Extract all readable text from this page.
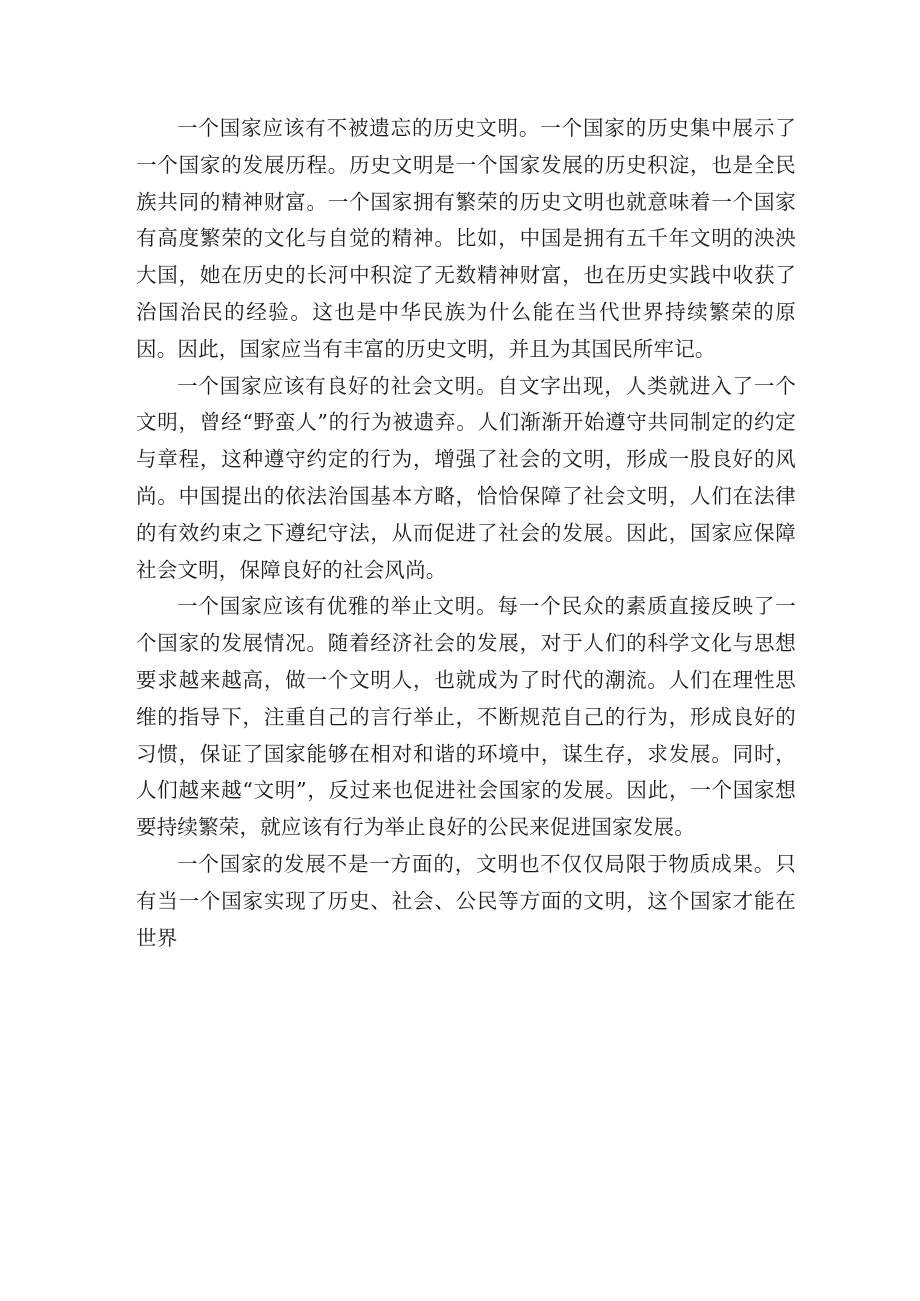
一个国家应该有不被遗忘的历史文明。一个国家的历史集中展示了一个国家的发展历程。历史文明是一个国家发展的历史积淀，也是全民族共同的精神财富。一个国家拥有繁荣的历史文明也就意味着一个国家有高度繁荣的文化与自觉的精神。比如，中国是拥有五千年文明的泱泱大国，她在历史的长河中积淀了无数精神财富，也在历史实践中收获了治国治民的经验。这也是中华民族为什么能在当代世界持续繁荣的原因。因此，国家应当有丰富的历史文明，并且为其国民所牢记。

一个国家应该有良好的社会文明。自文字出现，人类就进入了一个文明，曾经“野蛮人”的行为被遗弃。人们渐渐开始遵守共同制定的约定与章程，这种遵守约定的行为，增强了社会的文明，形成一股良好的风尚。中国提出的依法治国基本方略，恰恰保障了社会文明，人们在法律的有效约束之下遵纪守法，从而促进了社会的发展。因此，国家应保障社会文明，保障良好的社会风尚。

一个国家应该有优雅的举止文明。每一个民众的素质直接反映了一个国家的发展情况。随着经济社会的发展，对于人们的科学文化与思想要求越来越高，做一个文明人，也就成为了时代的潮流。人们在理性思维的指导下，注重自己的言行举止，不断规范自己的行为，形成良好的习惯，保证了国家能够在相对和谐的环境中，谋生存，求发展。同时，人们越来越“文明”，反过来也促进社会国家的发展。因此，一个国家想要持续繁荣，就应该有行为举止良好的公民来促进国家发展。

一个国家的发展不是一方面的，文明也不仅仅局限于物质成果。只有当一个国家实现了历史、社会、公民等方面的文明，这个国家才能在世界
